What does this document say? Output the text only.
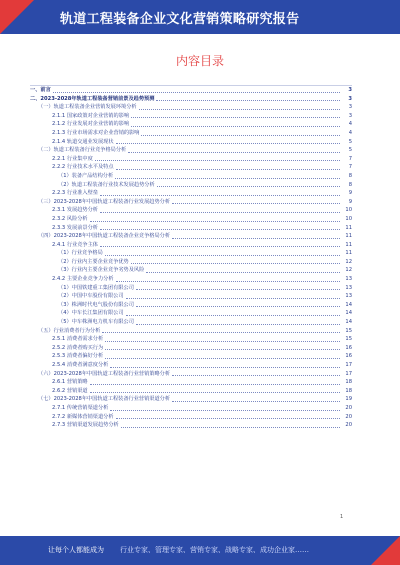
轨道工程装备企业文化营销策略研究报告
内容目录
一、前言	3
二、2023-2028年轨道工程装备营销前景及趋势预测	3
（一）轨道工程装备企业营销发展环境分析	3
2.1.1 国家政策对企业营销的影响	3
2.1.2 行业发展对企业营销的影响	4
2.1.3 行业市场需求对企业营销的影响	4
2.1.4 轨道交通业发展现状	5
（二）轨道工程装备行业竞争格局分析	5
2.2.1 行业集中度	7
2.2.2 行业技术水平及特点	7
（1）装备产品结构分析	8
（2）轨道工程装备行业技术发展趋势分析	8
2.2.3 行业准入壁垒	9
（三）2023-2028年中国轨道工程装备行业发展趋势分析	9
2.3.1 发展趋势分析	10
2.3.2 风险分析	10
2.3.3 发展前景分析	11
（四）2023-2028年中国轨道工程装备企业竞争格局分析	11
2.4.1 行业竞争主体	11
（1）行业竞争格局	11
（2）行业内主要企业竞争优势	12
（3）行业内主要企业竞争劣势及风险	12
2.4.2 主要企业竞争力分析	13
（1）中国铁建重工集团有限公司	13
（2）中国中车股份有限公司	13
（3）株洲时代电气股份有限公司	14
（4）中车长江集团有限公司	14
（5）中车株洲电力机车有限公司	14
（五）行业消费者行为分析	15
2.5.1 消费者需求分析	15
2.5.2 消费者购买行为	16
2.5.3 消费者偏好分析	16
2.5.4 消费者满意度分析	17
（六）2023-2028年中国轨道工程装备行业营销策略分析	17
2.6.1 营销策略	18
2.6.2 营销渠道	18
（七）2023-2028年中国轨道工程装备行业营销渠道分析	19
2.7.1 传统营销渠道分析	20
2.7.2 新媒体营销渠道分析	20
2.7.3 营销渠道发展趋势分析	20
1
让每个人都能成为 行业专家、管理专家、营销专家、战略专家、成功企业家……
